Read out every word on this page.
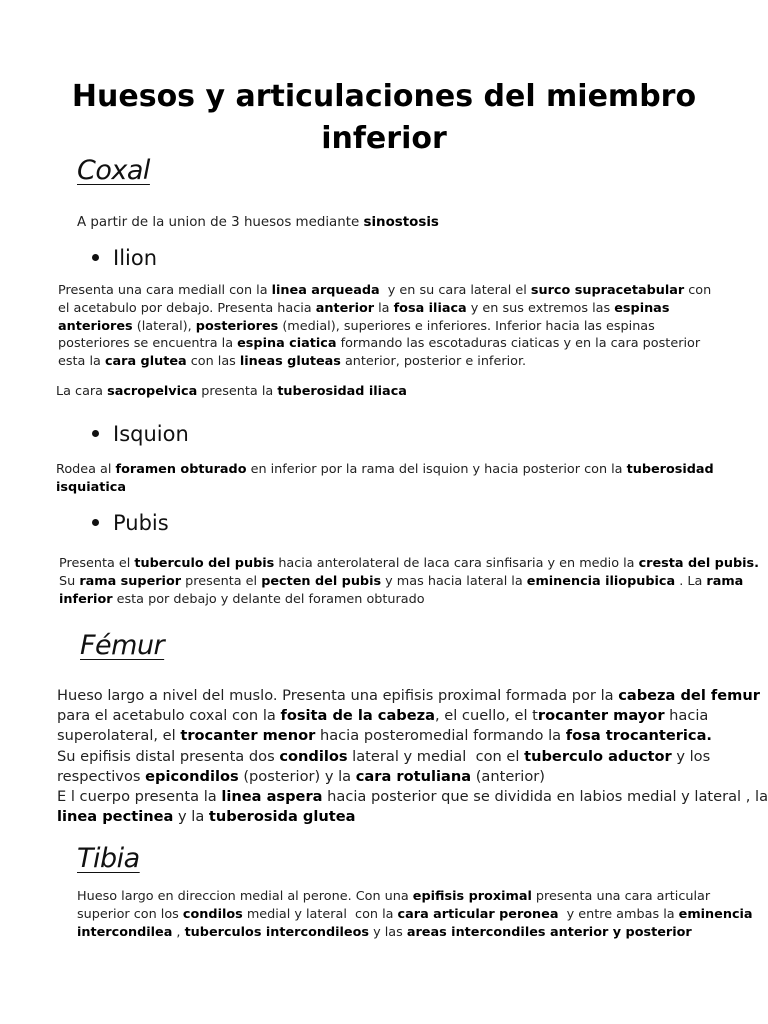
Huesos y articulaciones del miembro
inferior
Coxal
A partir de la union de 3 huesos mediante sinostosis
Ilion
Presenta una cara mediall con la linea arqueada  y en su cara lateral el surco supracetabular con
el acetabulo por debajo. Presenta hacia anterior la fosa iliaca y en sus extremos las espinas
anteriores (lateral), posteriores (medial), superiores e inferiores. Inferior hacia las espinas
posteriores se encuentra la espina ciatica formando las escotaduras ciaticas y en la cara posterior
esta la cara glutea con las lineas gluteas anterior, posterior e inferior.
La cara sacropelvica presenta la tuberosidad iliaca
Isquion
Rodea al foramen obturado en inferior por la rama del isquion y hacia posterior con la tuberosidad
isquiatica
Pubis
Presenta el tuberculo del pubis hacia anterolateral de laca cara sinfisaria y en medio la cresta del pubis.
Su rama superior presenta el pecten del pubis y mas hacia lateral la eminencia iliopubica . La rama
inferior esta por debajo y delante del foramen obturado
Fémur
Hueso largo a nivel del muslo. Presenta una epifisis proximal formada por la cabeza del femur
para el acetabulo coxal con la fosita de la cabeza, el cuello, el trocanter mayor hacia
superolateral, el trocanter menor hacia posteromedial formando la fosa trocanterica.
Su epifisis distal presenta dos condilos lateral y medial  con el tuberculo aductor y los
respectivos epicondilos (posterior) y la cara rotuliana (anterior)
E l cuerpo presenta la linea aspera hacia posterior que se dividida en labios medial y lateral , la
linea pectinea y la tuberosida glutea
Tibia
Hueso largo en direccion medial al perone. Con una epifisis proximal presenta una cara articular
superior con los condilos medial y lateral  con la cara articular peronea  y entre ambas la eminencia
intercondilea , tuberculos intercondileos y las areas intercondiles anterior y posterior
